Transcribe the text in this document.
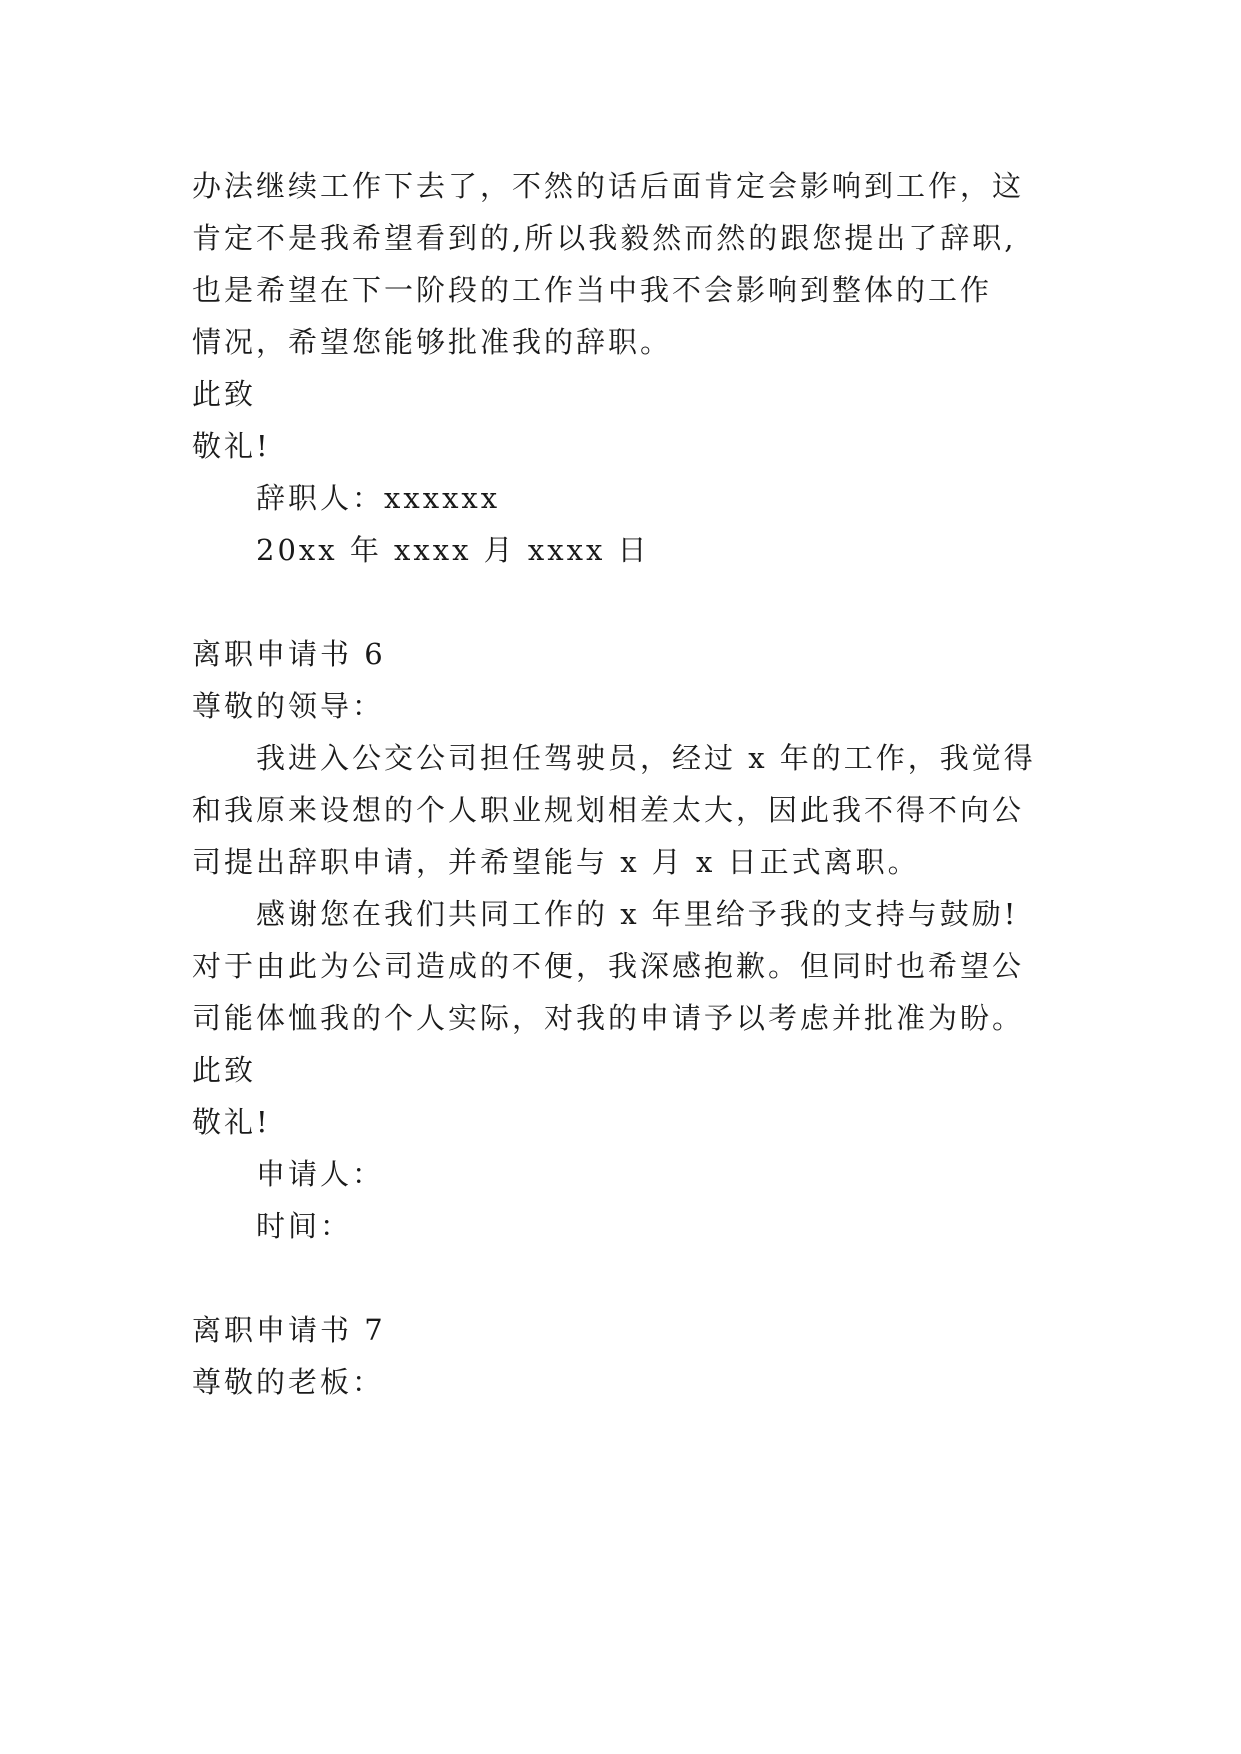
办法继续工作下去了，不然的话后面肯定会影响到工作，这
肯定不是我希望看到的,所以我毅然而然的跟您提出了辞职,
也是希望在下一阶段的工作当中我不会影响到整体的工作
情况，希望您能够批准我的辞职。
此致
敬礼!
辞职人：xxxxxx
20xx 年 xxxx 月 xxxx 日
离职申请书 6
尊敬的领导：
我进入公交公司担任驾驶员，经过 x 年的工作，我觉得
和我原来设想的个人职业规划相差太大，因此我不得不向公
司提出辞职申请，并希望能与 x 月 x 日正式离职。
感谢您在我们共同工作的 x 年里给予我的支持与鼓励!
对于由此为公司造成的不便，我深感抱歉。但同时也希望公
司能体恤我的个人实际，对我的申请予以考虑并批准为盼。
此致
敬礼!
申请人：
时间：
离职申请书 7
尊敬的老板：
